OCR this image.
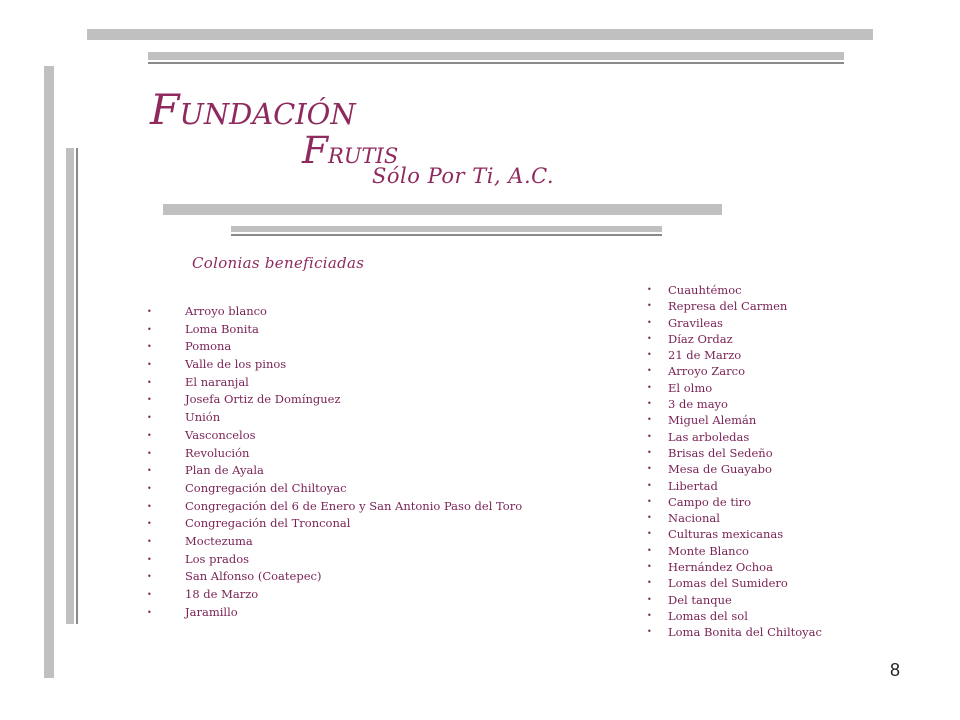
FUNDACIÓN
FRUTIS
Sólo Por Ti, A.C.
Colonias beneficiadas
• Arroyo blanco
• Loma Bonita
• Pomona
• Valle de los pinos
• El naranjal
• Josefa Ortiz de Domínguez
• Unión
• Vasconcelos
• Revolución
• Plan de Ayala
• Congregación del Chiltoyac
• Congregación del 6 de Enero y San Antonio Paso del Toro
• Congregación del Tronconal
• Moctezuma
• Los prados
• San Alfonso (Coatepec)
• 18 de Marzo
• Jaramillo
• Cuauhtémoc
• Represa del Carmen
• Gravileas
• Díaz Ordaz
• 21 de Marzo
• Arroyo Zarco
• El olmo
• 3 de mayo
• Miguel Alemán
• Las arboledas
• Brisas del Sedeño
• Mesa de Guayabo
• Libertad
• Campo de tiro
• Nacional
• Culturas mexicanas
• Monte Blanco
• Hernández Ochoa
• Lomas del Sumidero
• Del tanque
• Lomas del sol
• Loma Bonita del Chiltoyac
8
